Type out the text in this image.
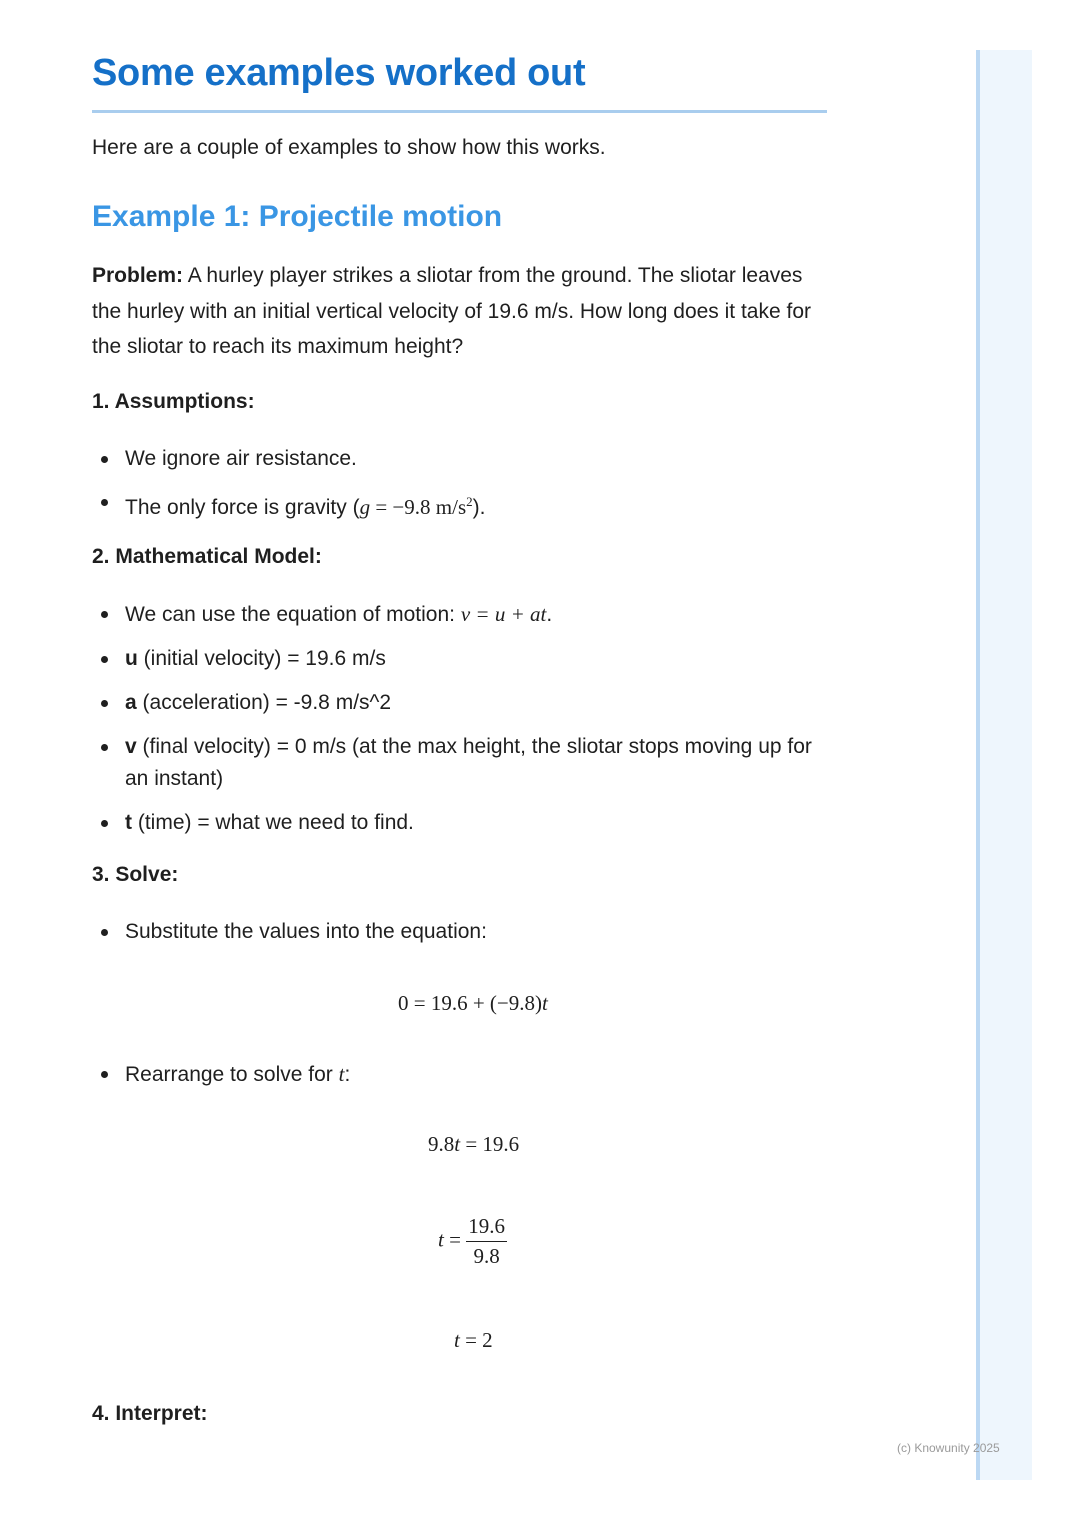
Some examples worked out

Here are a couple of examples to show how this works.

Example 1: Projectile motion

Problem: A hurley player strikes a sliotar from the ground. The sliotar leaves the hurley with an initial vertical velocity of 19.6 m/s. How long does it take for the sliotar to reach its maximum height?

1. Assumptions:

We ignore air resistance.
The only force is gravity (g = −9.8 $m/s^2$).

2. Mathematical Model:

We can use the equation of motion: v = u + at.
u (initial velocity) = 19.6 m/s
a (acceleration) = -9.8 m/s^2
v (final velocity) = 0 m/s (at the max height, the sliotar stops moving up for an instant)
t (time) = what we need to find.

3. Solve:

Substitute the values into the equation:

0 = 19.6 + (−9.8)t

Rearrange to solve for t:

9.8t = 19.6

$t = \frac{19.6}{9.8}$

t = 2

4. Interpret:

(c) Knowunity 2025
